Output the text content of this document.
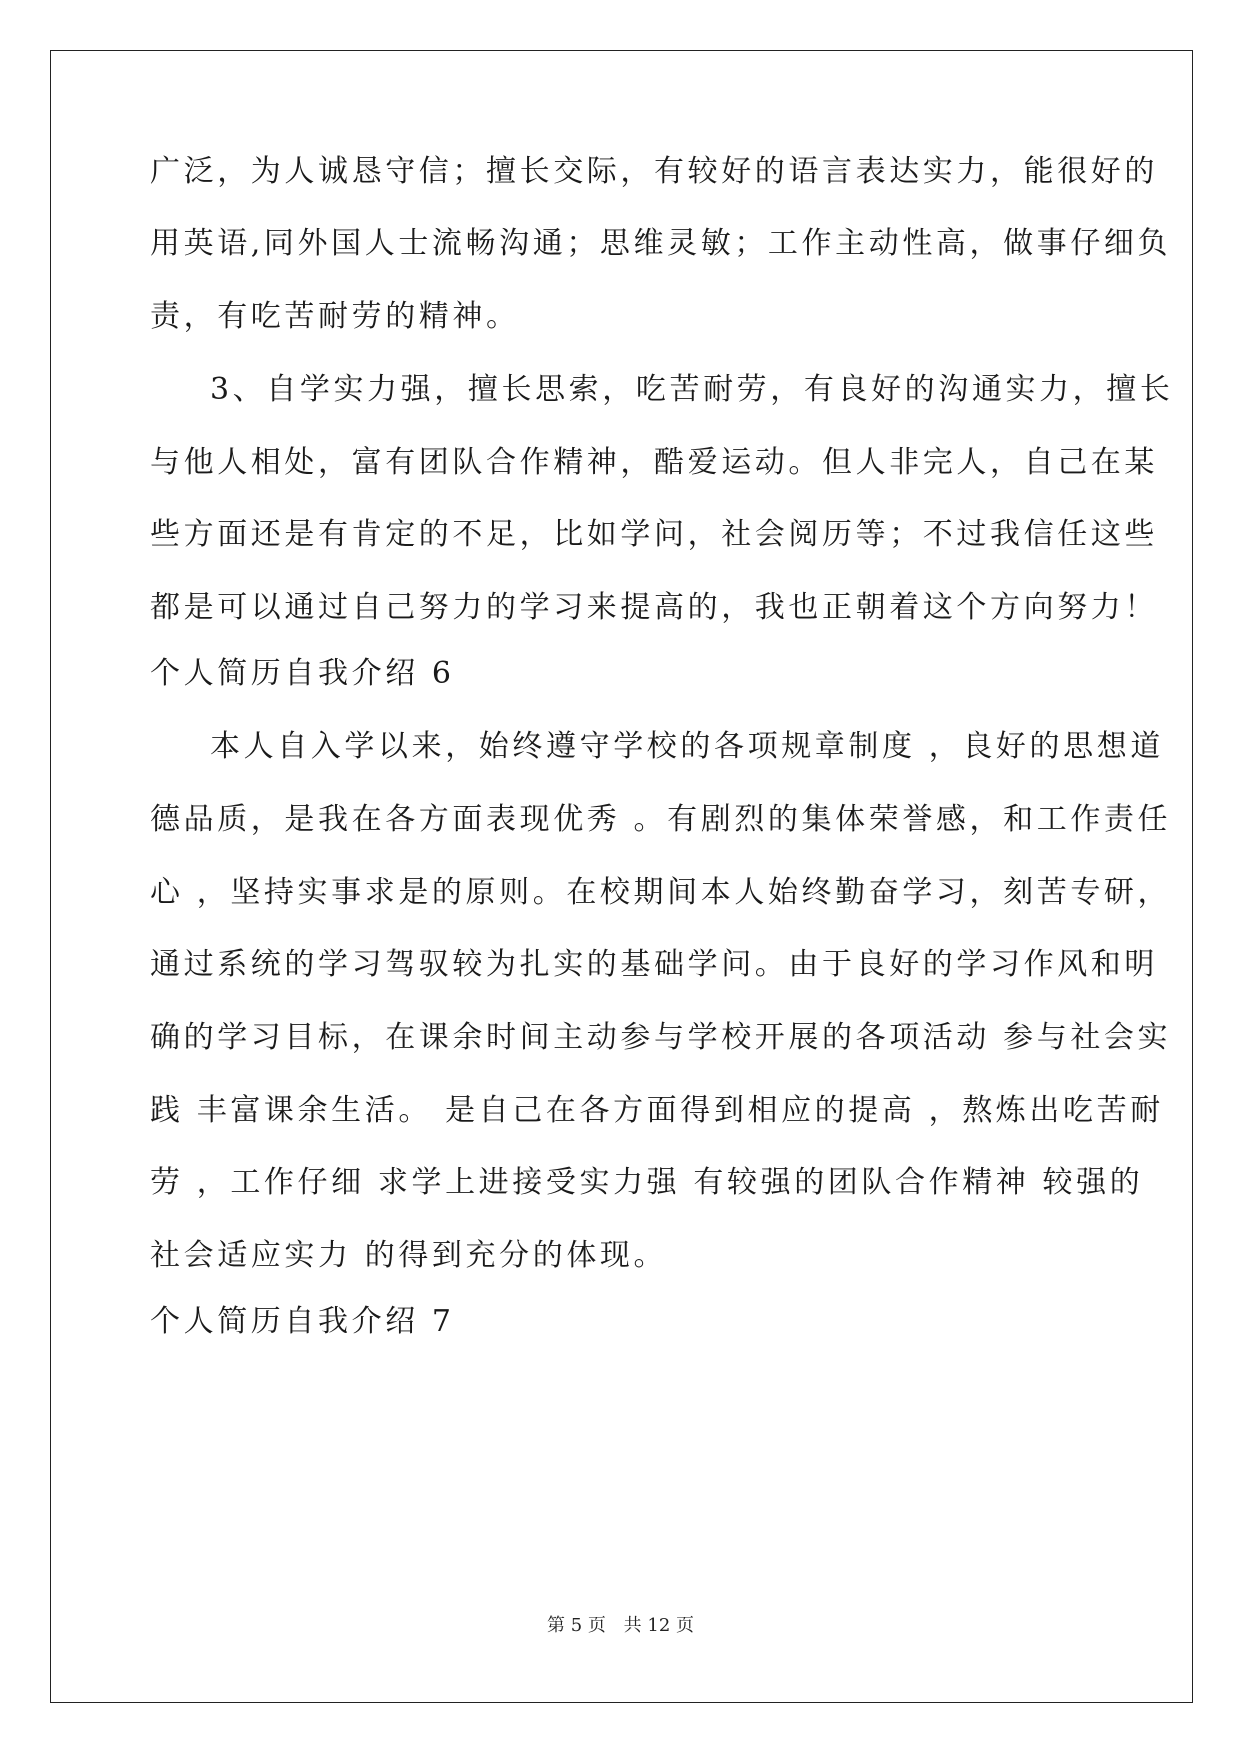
广泛，为人诚恳守信；擅长交际，有较好的语言表达实力，能很好的
用英语,同外国人士流畅沟通；思维灵敏；工作主动性高，做事仔细负
责，有吃苦耐劳的精神。
3、自学实力强，擅长思索，吃苦耐劳，有良好的沟通实力，擅长
与他人相处，富有团队合作精神，酷爱运动。但人非完人，自己在某
些方面还是有肯定的不足，比如学问，社会阅历等；不过我信任这些
都是可以通过自己努力的学习来提高的，我也正朝着这个方向努力！
个人简历自我介绍 6
本人自入学以来，始终遵守学校的各项规章制度 ，良好的思想道
德品质，是我在各方面表现优秀 。有剧烈的集体荣誉感，和工作责任
心 ，坚持实事求是的原则。在校期间本人始终勤奋学习，刻苦专研，
通过系统的学习驾驭较为扎实的基础学问。由于良好的学习作风和明
确的学习目标，在课余时间主动参与学校开展的各项活动 参与社会实
践 丰富课余生活。 是自己在各方面得到相应的提高 ，熬炼出吃苦耐
劳 ，工作仔细 求学上进接受实力强 有较强的团队合作精神 较强的
社会适应实力 的得到充分的体现。
个人简历自我介绍 7
第 5 页 共 12 页
